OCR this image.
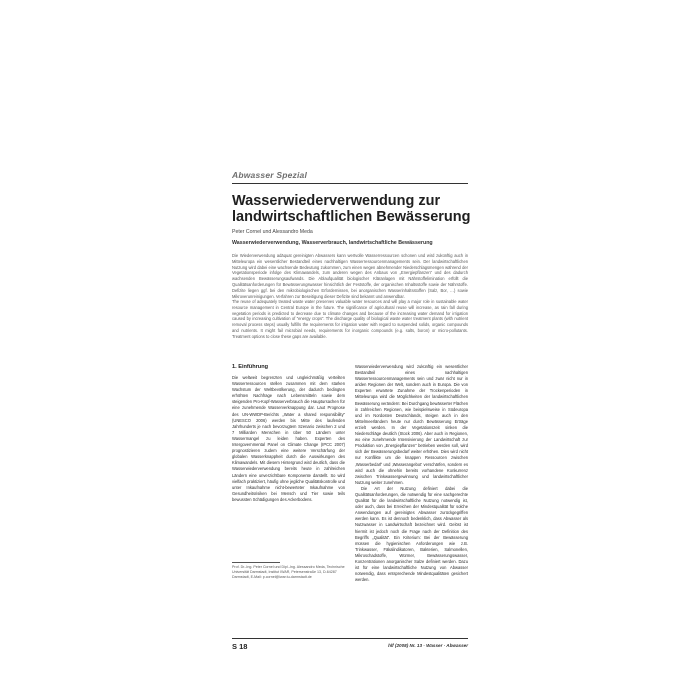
Abwasser Spezial
Wasserwiederverwendung zur landwirtschaftlichen Bewässerung
Peter Cornel und Alessandro Meda
Wasserwiederverwendung, Wasserverbrauch, landwirtschaftliche Bewässerung

Die Wiederverwendung adäquat gereinigten Abwassers kann wertvolle Wasserressourcen schonen und wird zukünftig auch in Mitteleuropa ein wesentlicher Bestandteil eines nachhaltigen Wasserressourcenmanagements sein. Der landwirtschaftlichen Nutzung wird dabei eine wachsende Bedeutung zukommen, zum einen wegen abnehmender Niederschlagsmengen während der Vegetationsperiode infolge des Klimawandels, zum anderen wegen des Anbaus von „Energiepflanzen“ und des dadurch wachsenden Bewässerungsaufwands. Die Ablaufqualität biologischer Kläranlagen mit Nährstoffelimination erfüllt die Qualitätsanforderungen für Bewässerungswasser hinsichtlich der Feststoffe, der organischen Inhaltsstoffe sowie der Nährstoffe. Defizite liegen ggf. bei den mikrobiologischen Erfordernissen, bei anorganischen Wasserinhaltsstoffen (Salz, Bor, …) sowie Mikroverunreinigungen. Verfahren zur Beseitigung dieser Defizite sind bekannt und anwendbar.

The reuse of adequately treated waste water preserves valuable water resources and will play a major role in sustainable water resource management in Central Europe in the future. The significance of agricultural reuse will increase, as rain fall during vegetation periods is predicted to decrease due to climate changes and because of the increasing water demand for irrigation caused by increasing cultivation of “energy crops”. The discharge quality of biological waste water treatment plants (with nutrient removal process steps) usually fulfills the requirements for irrigation water with regard to suspended solids, organic compounds and nutrients. It might fail microbial needs, requirements for inorganic compounds (e.g. salts, boron) or micro-pollutants. Treatment options to close these gaps are available.

1. Einführung

Die weltweit begrenzten und ungleichmäßig verteilten Wasserressourcen stellen zusammen mit dem starken Wachstum der Weltbevölkerung, der dadurch bedingten erhöhten Nachfrage nach Lebensmitteln sowie dem steigenden Pro-Kopf-Wasserverbrauch die Hauptursachen für eine zunehmende Wasserverknappung dar. Laut Prognose des UN-WWDP-Berichts „Water a shared responsibility“ (UNESCO 2006) werden bis Mitte des laufenden Jahrhunderts je nach bevorzugtem Szenario zwischen 2 und 7 Milliarden Menschen in über 50 Ländern unter Wassermangel zu leiden haben. Experten des Intergovernmental Panel on Climate Change (IPCC 2007) prognostizieren zudem eine weitere Verschärfung der globalen Wasserknappheit durch die Auswirkungen des Klimawandels. Mit diesem Hintergrund wird deutlich, dass die Wasserwiederverwendung bereits heute in zahlreichen Ländern eine unverzichtbare Komponente darstellt. So wird vielfach praktiziert, häufig ohne jegliche Qualitätskontrolle und unter Inkaufnahme nicht-bewerteter Inkaufnahme von Gesundheitsrisiken bei Mensch und Tier sowie teils bewussten Schädigungen des Ackerbodens.

Wasserwiederverwendung wird zukünftig ein wesentlicher Bestandteil eines nachhaltigen Wasserressourcenmanagements sein und zwar nicht nur in ariden Regionen der Welt, sondern auch in Europa. Die von Experten erwartete Zunahme der Trockenperioden in Mitteleuropa wird die Möglichkeiten der landwirtschaftlichen Bewässerung verändern: Bei Durchgang bewässerter Flächen in zahlreichen Regionen, wie beispielsweise in Südeuropa und im Nordosten Deutschlands, steigen auch in den Mittelmeerländern heute nur durch Bewässerung Erträge erzielt werden. In der Vegetationszeit sinken die Niederschläge deutlich (Stock 2006). Aber auch in Regionen, wo eine zunehmende Intensivierung der Landwirtschaft zur Produktion von „Energiepflanzen“ betrieben werden soll, wird sich der Bewässerungsbedarf weiter erhöhen. Dies wird nicht nur Konflikte um die knappen Ressourcen zwischen ‚Wasserbedarf‘ und ‚Wasserangebot‘ verschärfen, sondern es wird auch die ohnehin bereits vorhandene Konkurrenz zwischen Trinkwassergewinnung und landwirtschaftlicher Nutzung weiter zunehmen.

Die Art der Nutzung definiert dabei die Qualitätsanforderungen, die notwendig für eine sachgerechte Qualität für die landwirtschaftliche Nutzung notwendig ist, oder auch, dass bei Erreichen der Mindestqualität für solche Anwendungen auf gereinigtes Abwasser zurückgegriffen werden kann. Es ist dennoch bedenklich, dass Abwasser als Nutzwasser in Landwirtschaft bezeichnet wird. Gelöst ist hiermit ist jedoch noch die Frage nach der Definition des Begriffs „Qualität“. Ein Kriterium: Bei der Bewässerung müssen die hygienischen Anforderungen wie z.B. Trinkwasser, Fäkalindikatoren, Bakterien, Salmonellen, Mikroschadstoffe, Würmer, Bewässerungswasser, Konzentrationen anorganischer Salze definiert werden. Dazu ist für eine landwirtschaftliche Nutzung von Abwasser notwendig, dass entsprechende Mindestqualitäten gesichert werden.

Prof. Dr.-Ing. Peter Cornel und Dipl.-Ing. Alessandro Meda, Technische Universität Darmstadt, Institut IWAR, Petersenstraße 13, D-64287 Darmstadt, E-Mail: p.cornel@iwar.tu-darmstadt.de

S 18	hlf (2008) Nr. 13 · Wasser · Abwasser
